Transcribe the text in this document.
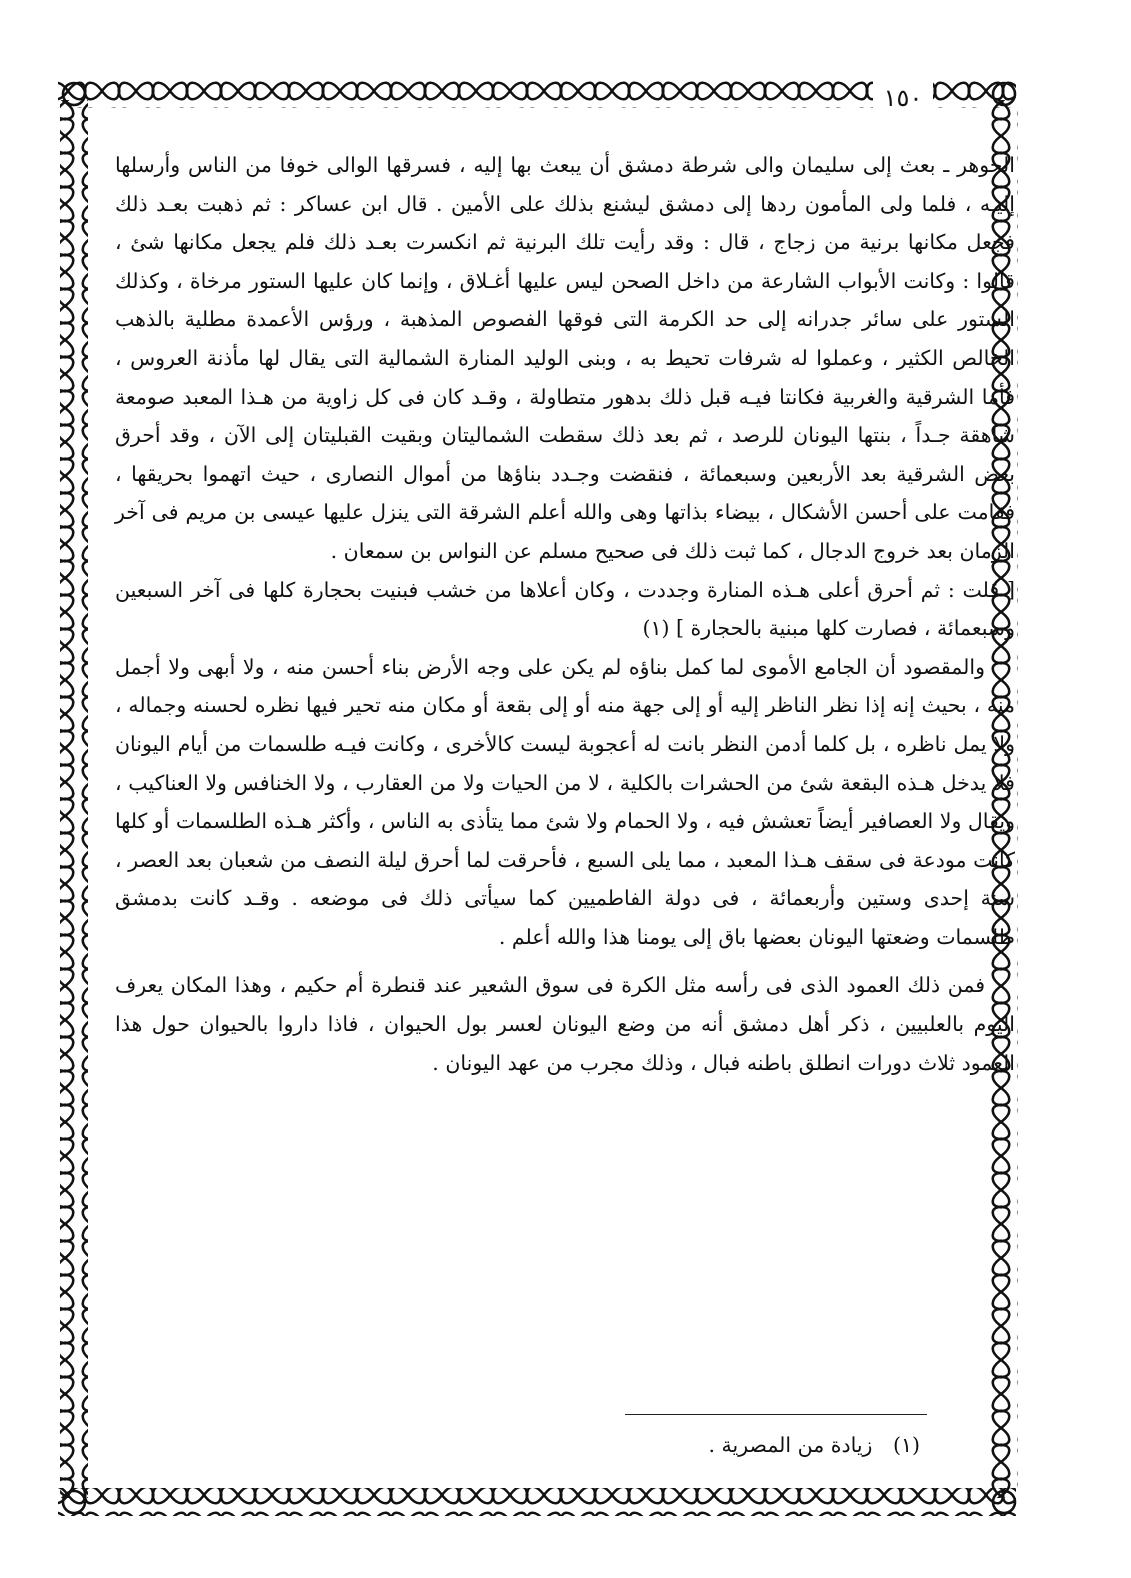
١٥٠

الجوهر ـ بعث إلى سليمان والى شرطة دمشق أن يبعث بها إليه ، فسرقها الوالى خوفا من الناس وأرسلها إليـه ، فلما ولى المأمون ردها إلى دمشق ليشنع بذلك على الأمين . قال ابن عساكر : ثم ذهبت بعـد ذلك فجعل مكانها برنية من زجاج ، قال : وقد رأيت تلك البرنية ثم انكسرت بعـد ذلك فلم يجعل مكانها شئ ، قالوا : وكانت الأبواب الشارعة من داخل الصحن ليس عليها أغـلاق ، وإنما كان عليها الستور مرخاة ، وكذلك الستور على سائر جدرانه إلى حد الكرمة التى فوقها الفصوص المذهبة ، ورؤس الأعمدة مطلية بالذهب الخالص الكثير ، وعملوا له شرفات تحيط به ، وبنى الوليد المنارة الشمالية التى يقال لها مأذنة العروس ، فأما الشرقية والغربية فكانتا فيـه قبل ذلك بدهور متطاولة ، وقـد كان فى كل زاوية من هـذا المعبد صومعة شاهقة جـداً ، بنتها اليونان للرصد ، ثم بعد ذلك سقطت الشماليتان وبقيت القبليتان إلى الآن ، وقد أحرق بعض الشرقية بعد الأربعين وسبعمائة ، فنقضت وجـدد بناؤها من أموال النصارى ، حيث اتهموا بحريقها ، فقامت على أحسن الأشكال ، بيضاء بذاتها وهى والله أعلم الشرقة التى ينزل عليها عيسى بن مريم فى آخر الزمان بعد خروج الدجال ، كما ثبت ذلك فى صحيح مسلم عن النواس بن سمعان .

[ قلت : ثم أحرق أعلى هـذه المنارة وجددت ، وكان أعلاها من خشب فبنيت بحجارة كلها فى آخر السبعين وسبعمائة ، فصارت كلها مبنية بالحجارة ] (١)

والمقصود أن الجامع الأموى لما كمل بناؤه لم يكن على وجه الأرض بناء أحسن منه ، ولا أبهى ولا أجمل منه ، بحيث إنه إذا نظر الناظر إليه أو إلى جهة منه أو إلى بقعة أو مكان منه تحير فيها نظره لحسنه وجماله ، ولا يمل ناظره ، بل كلما أدمن النظر بانت له أعجوبة ليست كالأخرى ، وكانت فيـه طلسمات من أيام اليونان فلا يدخل هـذه البقعة شئ من الحشرات بالكلية ، لا من الحيات ولا من العقارب ، ولا الخنافس ولا العناكيب ، ويقال ولا العصافير أيضاً تعشش فيه ، ولا الحمام ولا شئ مما يتأذى به الناس ، وأكثر هـذه الطلسمات أو كلها كانت مودعة فى سقف هـذا المعبد ، مما يلى السبع ، فأحرقت لما أحرق ليلة النصف من شعبان بعد العصر ، سنة إحدى وستين وأربعمائة ، فى دولة الفاطميين كما سيأتى ذلك فى موضعه . وقـد كانت بدمشق طلسمات وضعتها اليونان بعضها باق إلى يومنا هذا والله أعلم .

فمن ذلك العمود الذى فى رأسه مثل الكرة فى سوق الشعير عند قنطرة أم حكيم ، وهذا المكان يعرف اليوم بالعلبيين ، ذكر أهل دمشق أنه من وضع اليونان لعسر بول الحيوان ، فاذا داروا بالحيوان حول هذا العمود ثلاث دورات انطلق باطنه فبال ، وذلك مجرب من عهد اليونان .

(١) زيادة من المصرية .
